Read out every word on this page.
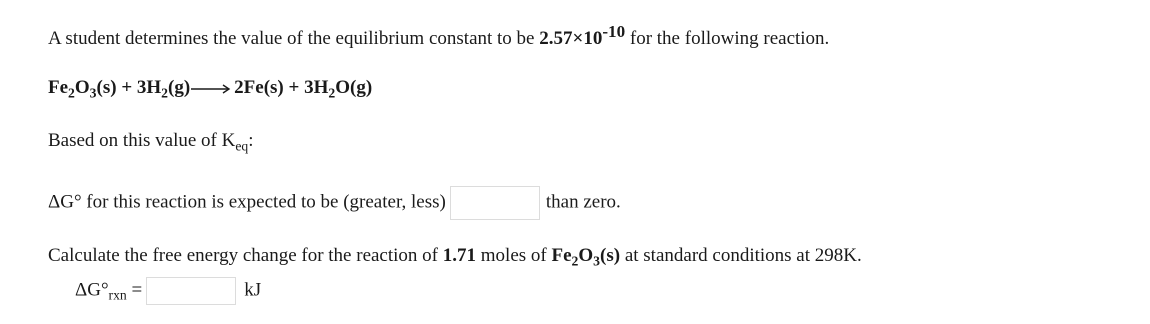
A student determines the value of the equilibrium constant to be $2.57\times 10^{-10}$ for the following reaction.
$Fe_2O_3(s) + 3H_2(g)\to 2Fe(s) + 3H_2O(g)$
Based on this value of $K_{eq}$:
ΔG° for this reaction is expected to be (greater, less)	than zero.
Calculate the free energy change for the reaction of 1.71 moles of $Fe_2O_3(s)$ at standard conditions at 298K.
$\Delta G^\circ_{rxn}$ =	kJ
